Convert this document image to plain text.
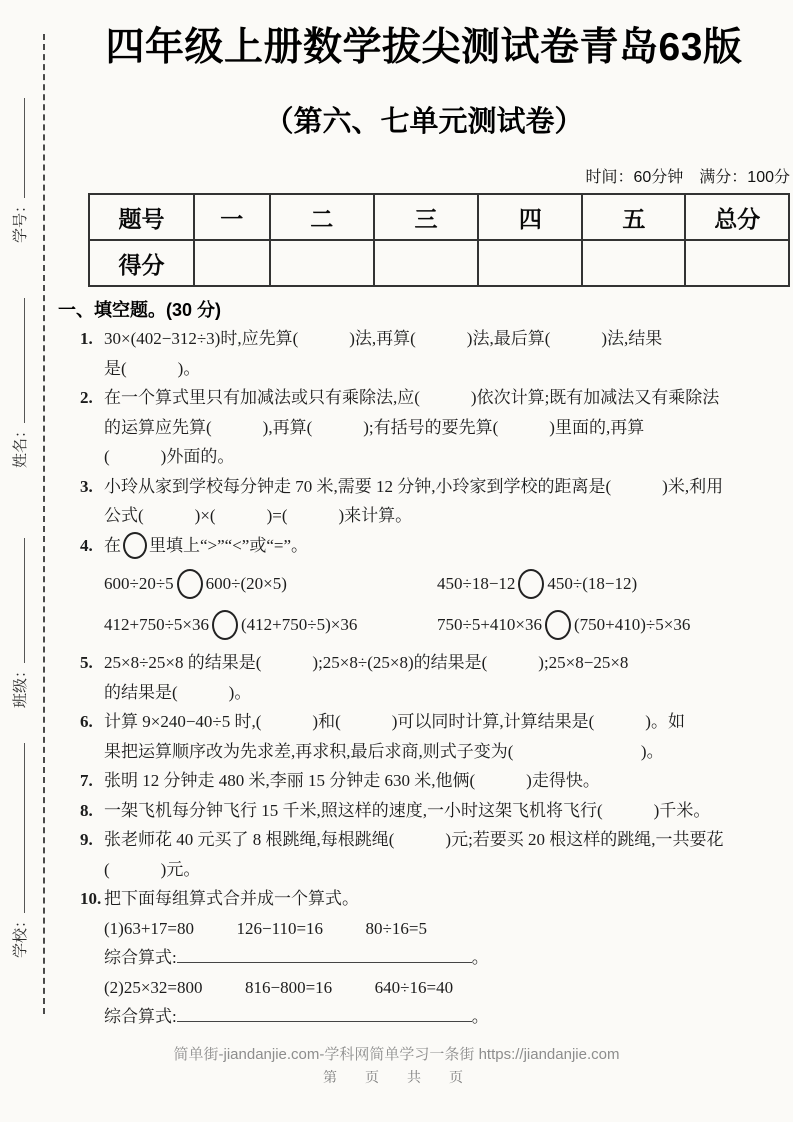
学号：
姓名：
班级：
学校：
四年级上册数学拔尖测试卷青岛63版
（第六、七单元测试卷）
时间：60分钟　满分：100分
题号	一	二	三	四	五	总分
得分						
一、填空题。(30 分)
1. 30×(402−312÷3)时,应先算(            )法,再算(            )法,最后算(            )法,结果
是(            )。
2. 在一个算式里只有加减法或只有乘除法,应(            )依次计算;既有加减法又有乘除法
的运算应先算(            ),再算(            );有括号的要先算(            )里面的,再算
(            )外面的。
3. 小玲从家到学校每分钟走 70 米,需要 12 分钟,小玲家到学校的距离是(            )米,利用
公式(            )×(            )=(            )来计算。
4. 在 里填上“>”“<”或“=”。
600÷20÷5 600÷(20×5)	450÷18−12 450÷(18−12)
412+750÷5×36 (412+750÷5)×36	750÷5+410×36 (750+410)÷5×36
5. 25×8÷25×8 的结果是(            );25×8÷(25×8)的结果是(            );25×8−25×8
的结果是(            )。
6. 计算 9×240−40÷5 时,(            )和(            )可以同时计算,计算结果是(            )。如
果把运算顺序改为先求差,再求积,最后求商,则式子变为(                              )。
7. 张明 12 分钟走 480 米,李丽 15 分钟走 630 米,他俩(            )走得快。
8. 一架飞机每分钟飞行 15 千米,照这样的速度,一小时这架飞机将飞行(            )千米。
9. 张老师花 40 元买了 8 根跳绳,每根跳绳(            )元;若要买 20 根这样的跳绳,一共要花
(            )元。
10. 把下面每组算式合并成一个算式。
(1)63+17=80          126−110=16          80÷16=5
综合算式:	。
(2)25×32=800          816−800=16          640÷16=40
综合算式:	。
简单街-jiandanjie.com-学科网简单学习一条街 https://jiandanjie.com
第　页　共　页
